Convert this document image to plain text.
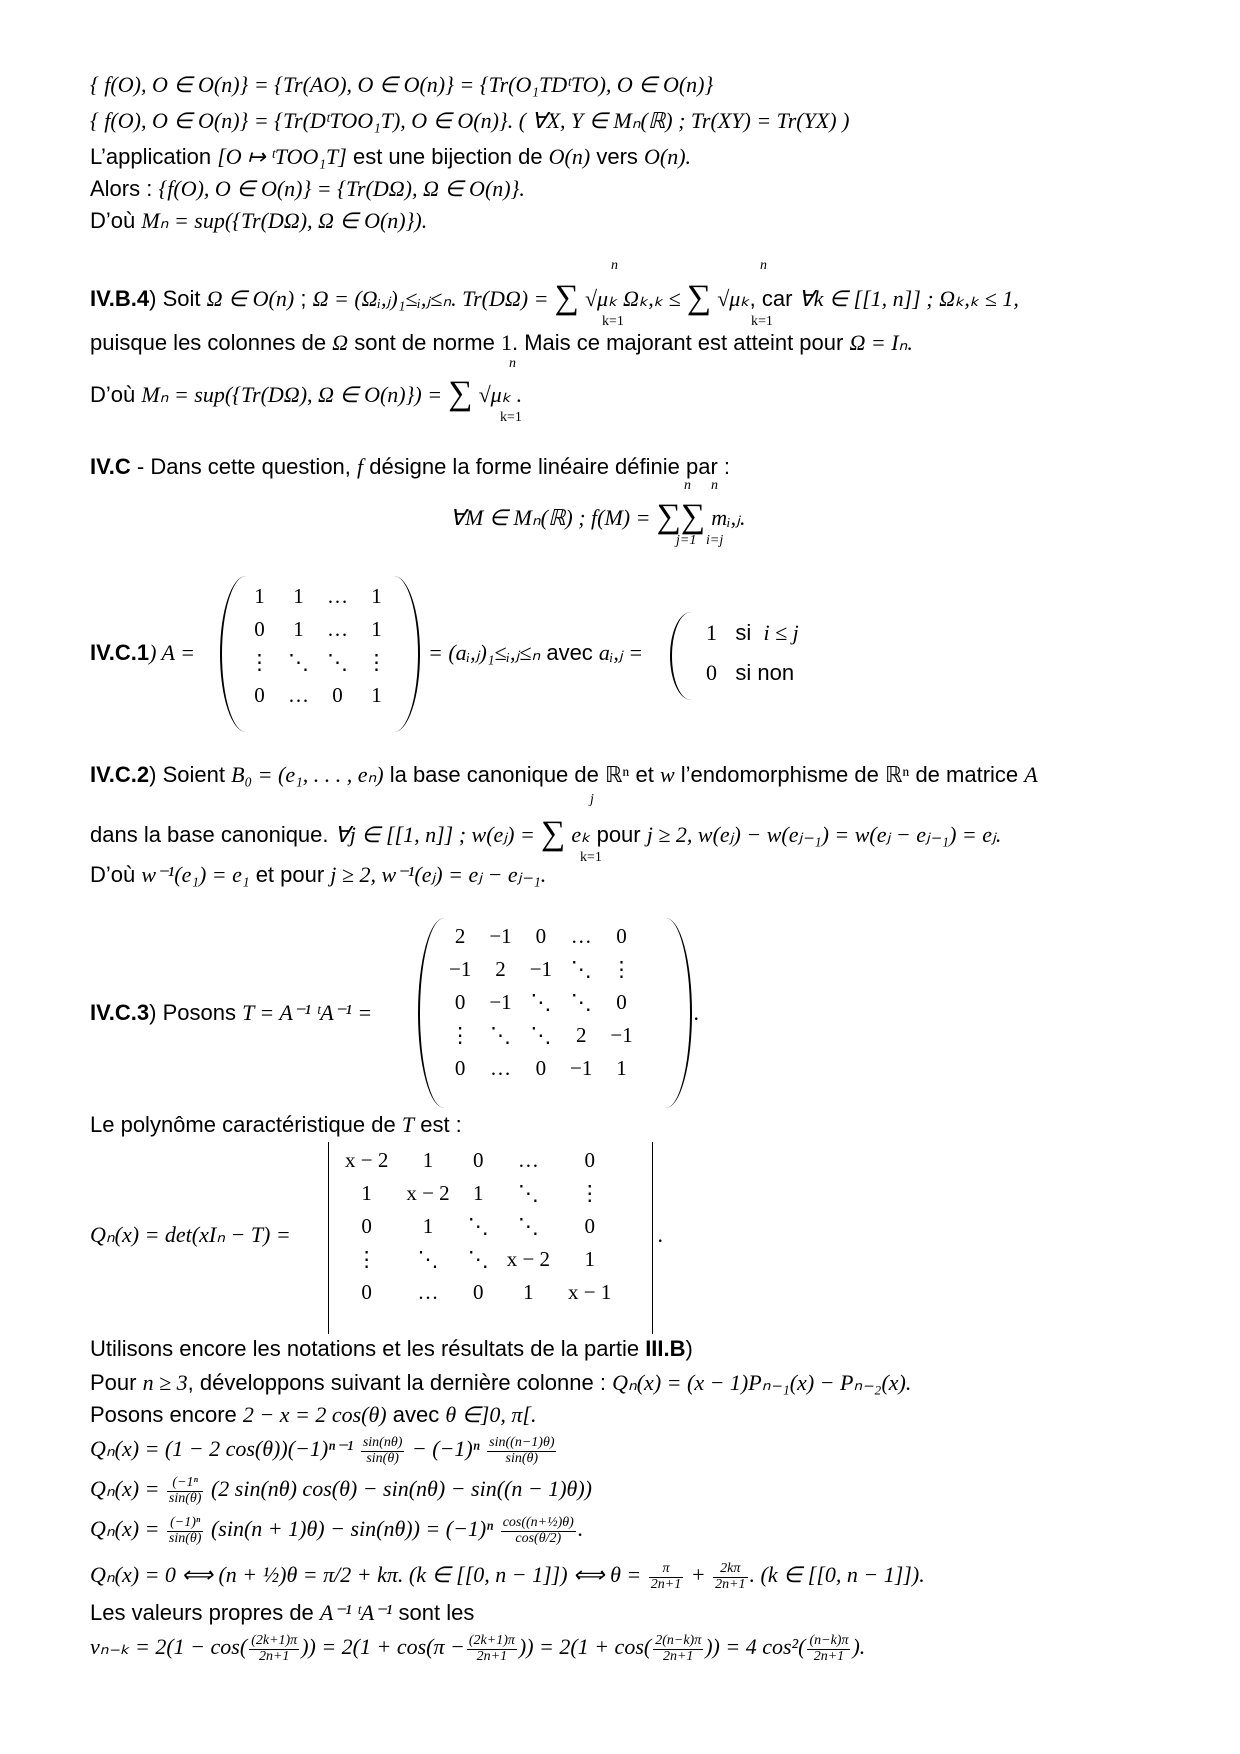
{ f(O), O ∈ O(n)} = {Tr(AO), O ∈ O(n)} = {Tr(O₁TDᵗTO), O ∈ O(n)}
{ f(O), O ∈ O(n)} = {Tr(DᵗTOO₁T), O ∈ O(n)}. ( ∀X, Y ∈ Mₙ(ℝ) ; Tr(XY) = Tr(YX) )
L’application [O ↦ ᵗTOO₁T] est une bijection de O(n) vers O(n).
Alors : {f(O), O ∈ O(n)} = {Tr(DΩ), Ω ∈ O(n)}.
D’où Mₙ = sup({Tr(DΩ), Ω ∈ O(n)}).
IV.B.4) Soit Ω ∈ O(n) ; Ω = (Ωᵢ,ⱼ)₁≤ᵢ,ⱼ≤ₙ. Tr(DΩ) = ∑ √μₖ Ωₖ,ₖ ≤ ∑ √μₖ, car ∀k ∈ [[1, n]] ; Ωₖ,ₖ ≤ 1,
n
k=1
n
k=1
puisque les colonnes de Ω sont de norme 1. Mais ce majorant est atteint pour Ω = Iₙ.
D’où Mₙ = sup({Tr(DΩ), Ω ∈ O(n)}) = ∑ √μₖ .
n
k=1
IV.C - Dans cette question, f désigne la forme linéaire définie par :
∀M ∈ Mₙ(ℝ) ; f(M) = ∑∑ mᵢ,ⱼ.
n n
j=1 i=j
IV.C.1) A =
1	1	…	1
0	1	…	1
⋮	⋱	⋱	⋮
0	…	0	1
= (aᵢ,ⱼ)₁≤ᵢ,ⱼ≤ₙ avec aᵢ,ⱼ =
1 si i ≤ j
0 si non
IV.C.2) Soient B₀ = (e₁, . . . , eₙ) la base canonique de ℝⁿ et w l’endomorphisme de ℝⁿ de matrice A
dans la base canonique. ∀j ∈ [[1, n]] ; w(eⱼ) = ∑ eₖ pour j ≥ 2, w(eⱼ) − w(eⱼ₋₁) = w(eⱼ − eⱼ₋₁) = eⱼ.
j
k=1
D’où w⁻¹(e₁) = e₁ et pour j ≥ 2, w⁻¹(eⱼ) = eⱼ − eⱼ₋₁.
IV.C.3) Posons T = A⁻¹ ᵗA⁻¹ =
2	−1	0	…	0
−1	2	−1	⋱	⋮
0	−1	⋱	⋱	0
⋮	⋱	⋱	2	−1
0	…	0	−1	1
.
Le polynôme caractéristique de T est :
Qₙ(x) = det(xIₙ − T) =
x − 2	1	0	…	0
1	x − 2	1	⋱	⋮
0	1	⋱	⋱	0
⋮	⋱	⋱	x − 2	1
0	…	0	1	x − 1
.
Utilisons encore les notations et les résultats de la partie III.B)
Pour n ≥ 3, développons suivant la dernière colonne : Qₙ(x) = (x − 1)Pₙ₋₁(x) − Pₙ₋₂(x).
Posons encore 2 − x = 2 cos(θ) avec θ ∈]0, π[.
Qₙ(x) = (1 − 2 $\cos(\theta))(-1)^{n-1} \frac{\sin(n\theta)}{\sin(\theta)} - (-1)^n \frac{\sin((n-1)\theta)}{\sin(\theta)}$
$Q_n(x) = \frac{\text{(−1ⁿ}}{\sin(\theta)} (2$ sin(nθ) cos(θ) − sin(nθ) − sin((n − 1)θ))
$Q_n(x) = \frac{\text{(−1)ⁿ}}{\sin(\theta)} (\sin(n + 1)\theta) - \sin(n\theta)) = (-1)^n \frac{\text{cos((n+½)θ)}}{\cos(\theta/2)}$ .
Qₙ(x) = 0 ⟺ (n + ½)θ = π/2 + kπ. (k ∈ [[0, n − 1]]) ⟺ $\theta = \frac{\pi}{2n+1} + \frac{2k\pi}{2n+1}$ . (k ∈ [[0, n − 1]]).
Les valeurs propres de A⁻¹ ᵗA⁻¹ sont les
$\nu_{n-k} = 2(1 - \cos( \frac{(2k+1)\pi}{2n+1}$ )) = $2(1 + \cos(\pi - \frac{(2k+1)\pi}{2n+1}$ )) = $2(1 + \cos( \frac{2(n-k)\pi}{2n+1}$ )) = 4 $\cos^2( \frac{(n-k)\pi}{2n+1}$ ).
